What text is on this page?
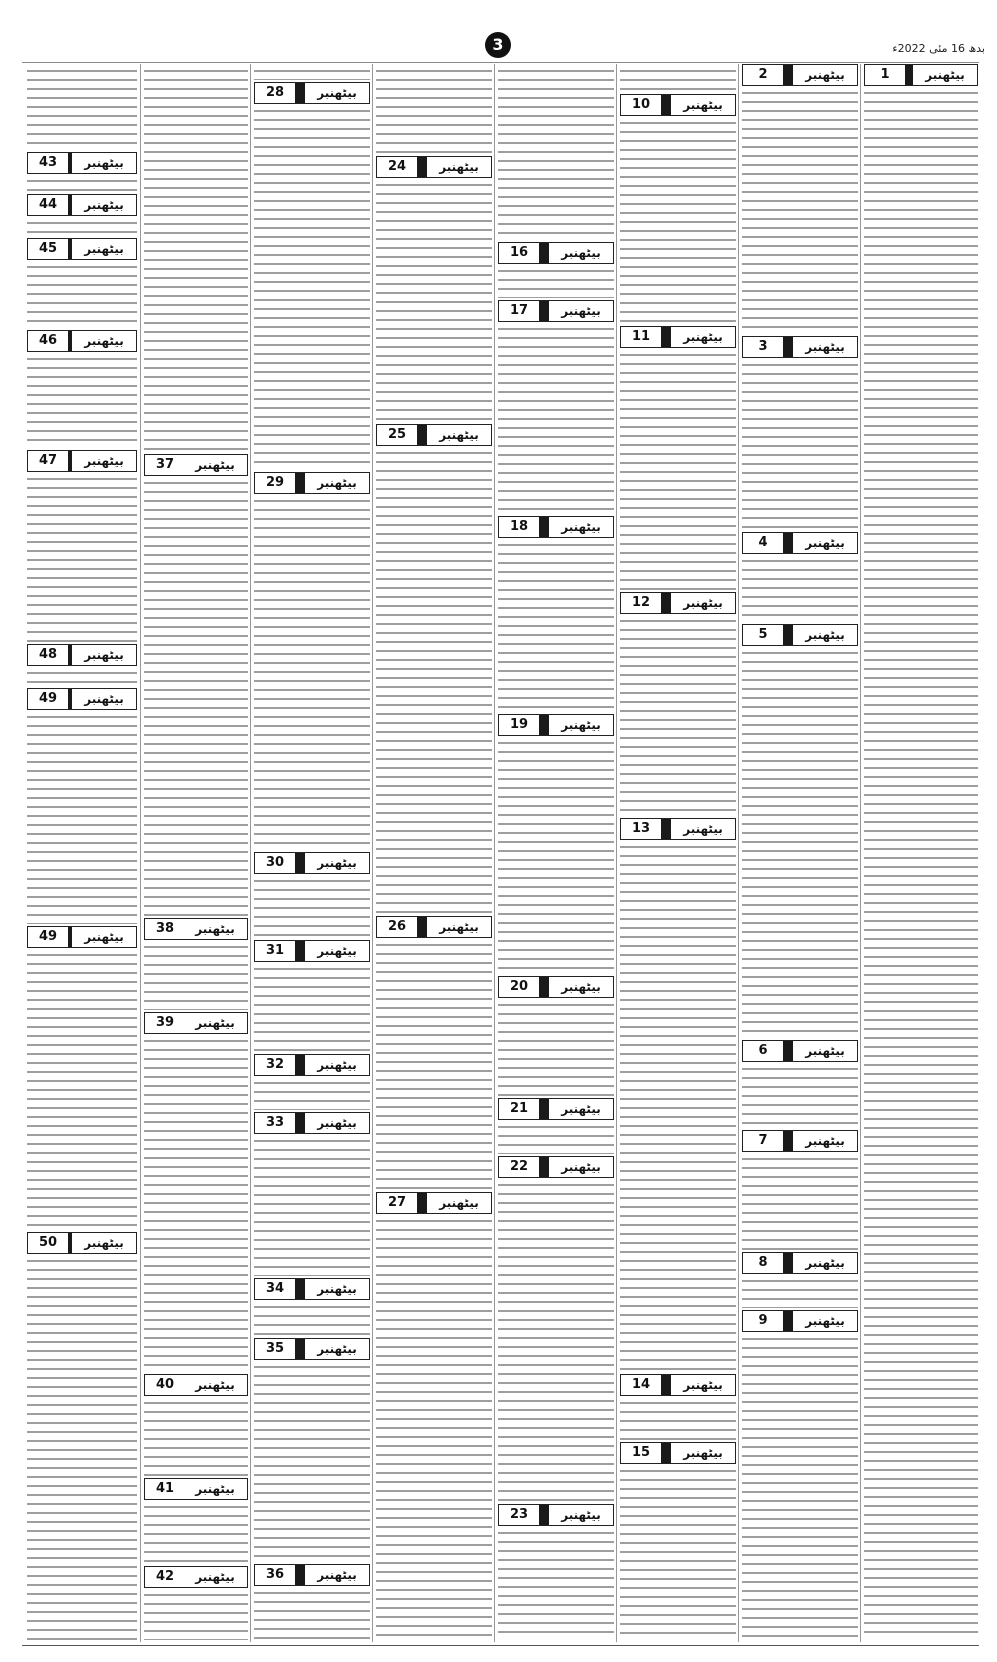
بدھ 16 مئی 2022ء
3
1	بیٹھنبر
2	بیٹھنبر
3	بیٹھنبر
4	بیٹھنبر
5	بیٹھنبر
6	بیٹھنبر
7	بیٹھنبر
8	بیٹھنبر
9	بیٹھنبر
10	بیٹھنبر
11	بیٹھنبر
12	بیٹھنبر
13	بیٹھنبر
14	بیٹھنبر
15	بیٹھنبر
16	بیٹھنبر
17	بیٹھنبر
18	بیٹھنبر
19	بیٹھنبر
20	بیٹھنبر
21	بیٹھنبر
22	بیٹھنبر
23	بیٹھنبر
24	بیٹھنبر
25	بیٹھنبر
26	بیٹھنبر
27	بیٹھنبر
28	بیٹھنبر
29	بیٹھنبر
30	بیٹھنبر
31	بیٹھنبر
32	بیٹھنبر
33	بیٹھنبر
34	بیٹھنبر
35	بیٹھنبر
36	بیٹھنبر
37	بیٹھنبر
38	بیٹھنبر
39	بیٹھنبر
40	بیٹھنبر
41	بیٹھنبر
42	بیٹھنبر
43	بیٹھنبر
44	بیٹھنبر
45	بیٹھنبر
46	بیٹھنبر
47	بیٹھنبر
48	بیٹھنبر
49	بیٹھنبر
49	بیٹھنبر
50	بیٹھنبر
